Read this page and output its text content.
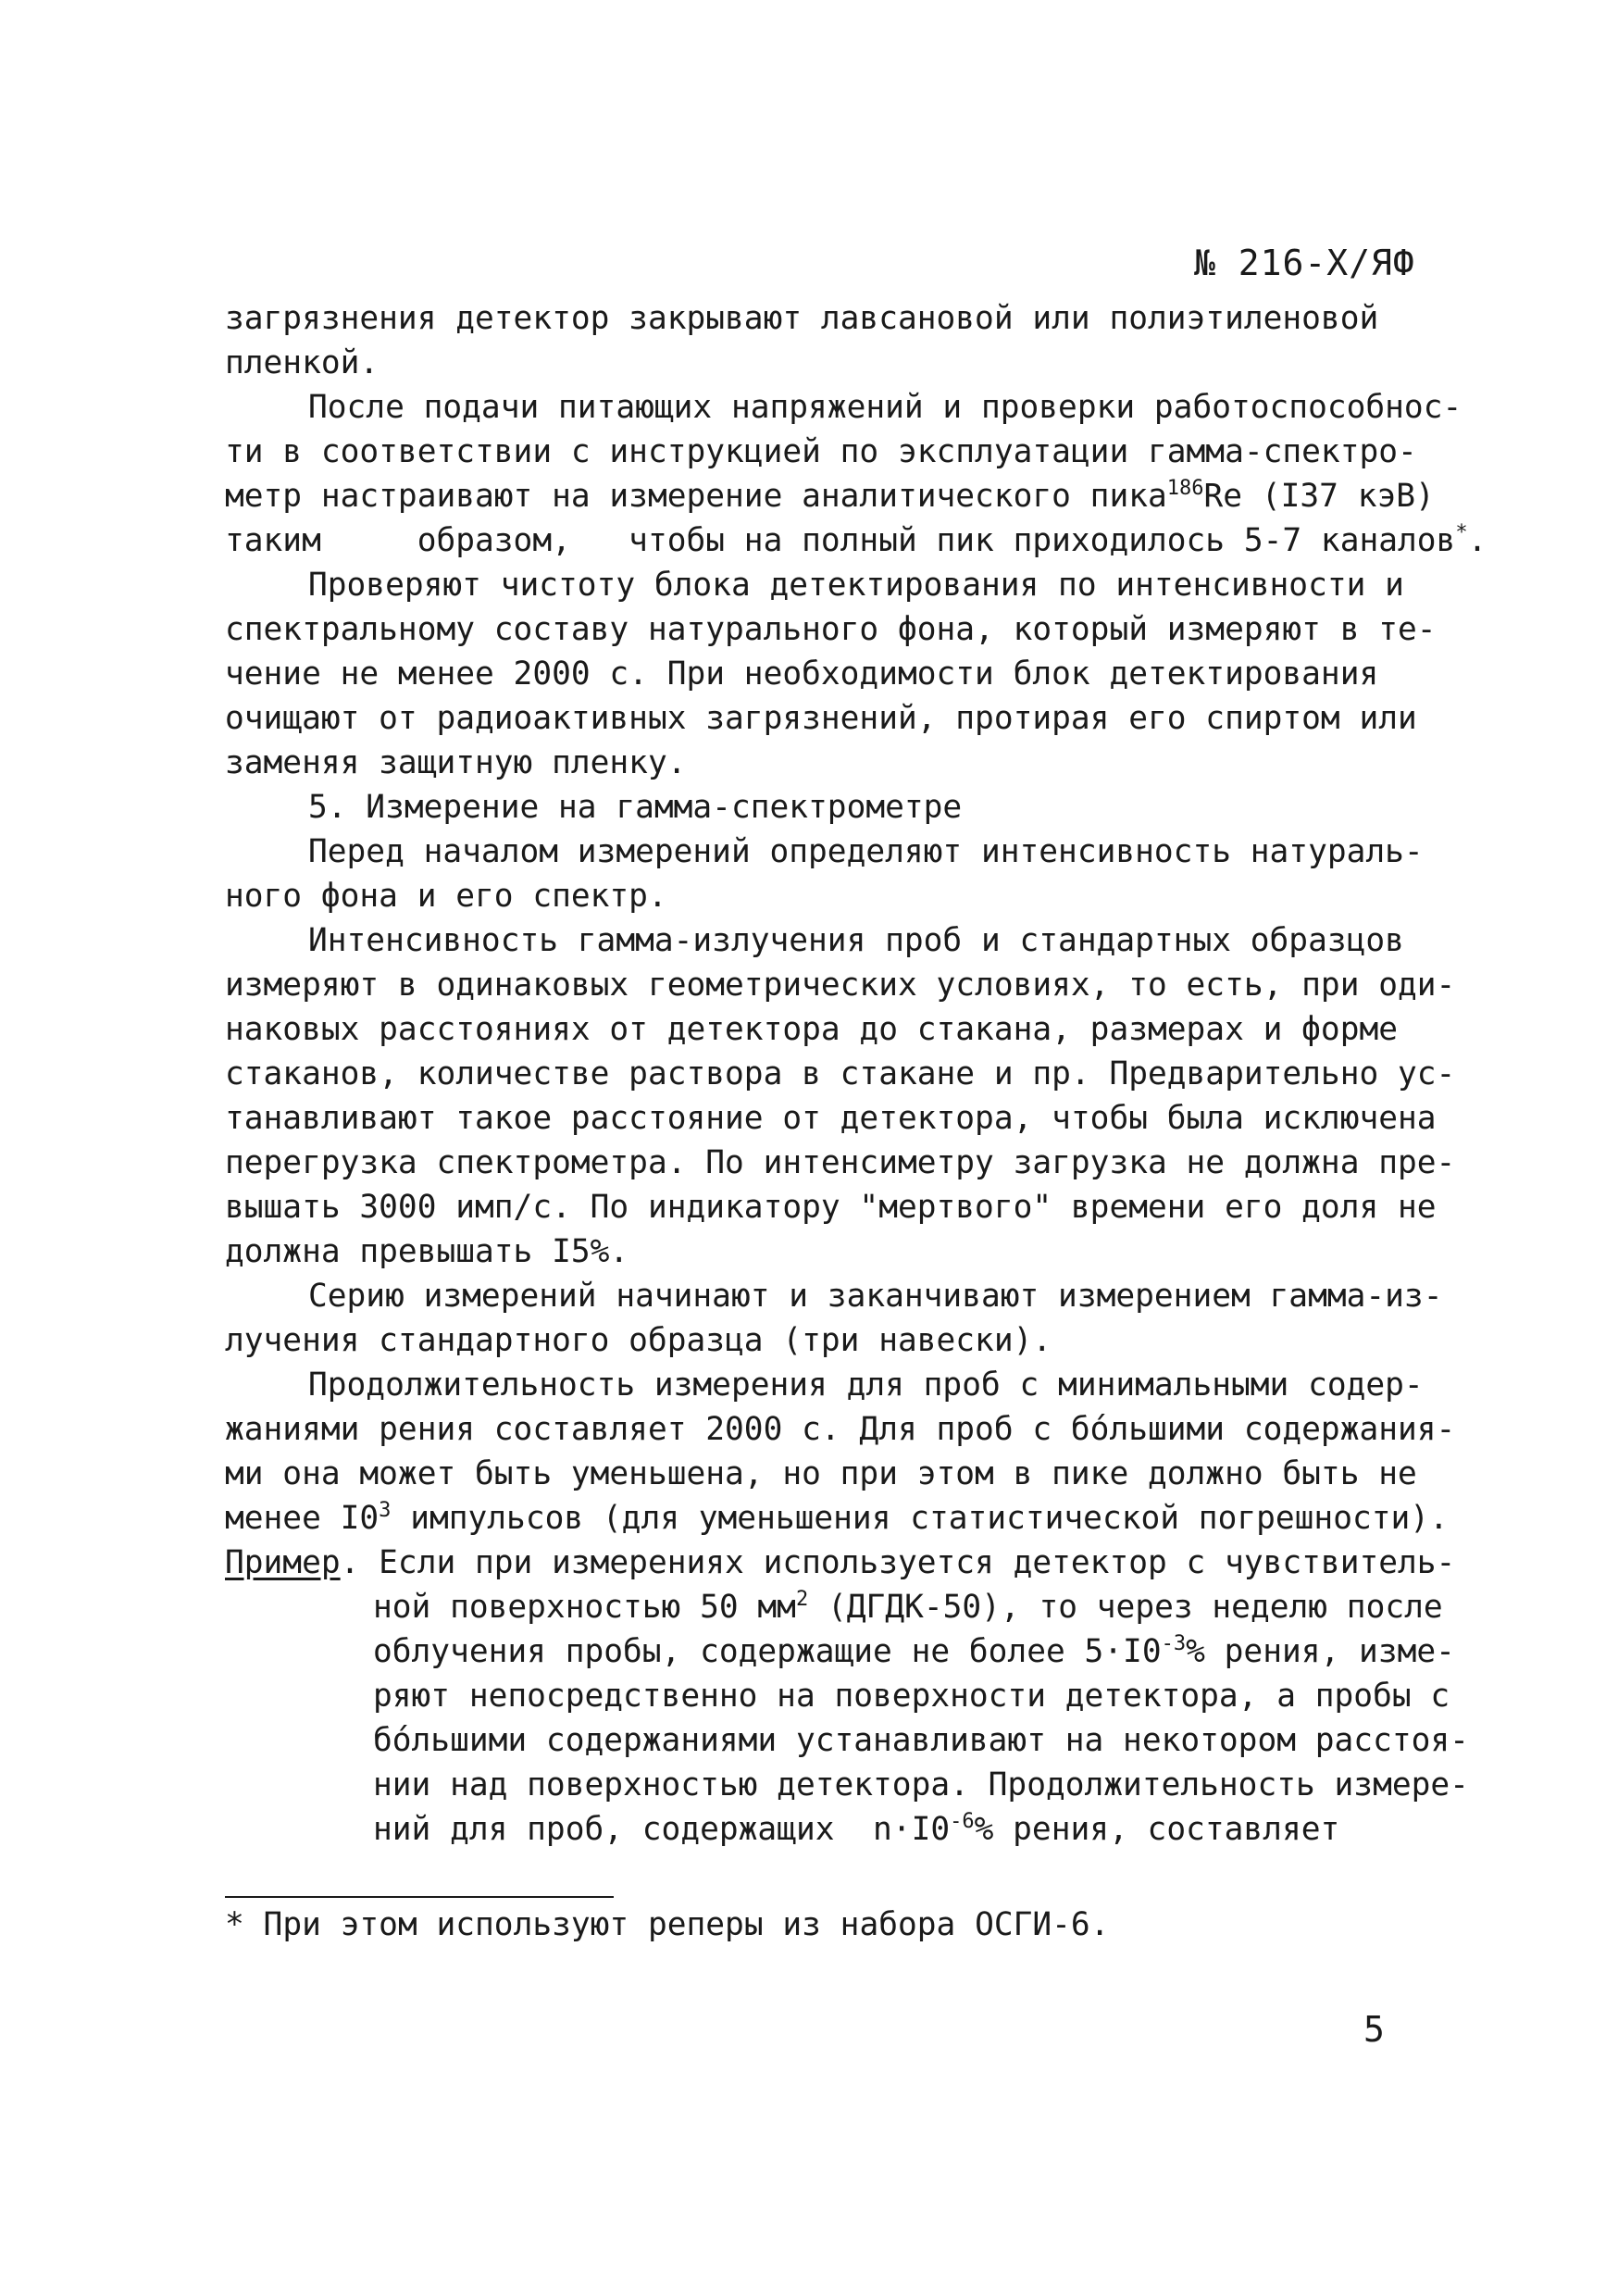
№ 216-Х/ЯФ
загрязнения детектор закрывают лавсановой или полиэтиленовой
пленкой.
После подачи питающих напряжений и проверки работоспособнос-
ти в соответствии с инструкцией по эксплуатации гамма-спектро-
метр настраивают на измерение аналитического пика$^{186}$Re (I37 кэВ)
таким     образом,   чтобы на полный пик приходилось 5-7 каналов*.
Проверяют чистоту блока детектирования по интенсивности и
спектральному составу натурального фона, который измеряют в те-
чение не менее 2000 с. При необходимости блок детектирования
очищают от радиоактивных загрязнений, протирая его спиртом или
заменяя защитную пленку.
5. Измерение на гамма-спектрометре
Перед началом измерений определяют интенсивность натураль-
ного фона и его спектр.
Интенсивность гамма-излучения проб и стандартных образцов
измеряют в одинаковых геометрических условиях, то есть, при оди-
наковых расстояниях от детектора до стакана, размерах и форме
стаканов, количестве раствора в стакане и пр. Предварительно ус-
танавливают такое расстояние от детектора, чтобы была исключена
перегрузка спектрометра. По интенсиметру загрузка не должна пре-
вышать 3000 имп/с. По индикатору "мертвого" времени его доля не
должна превышать I5%.
Серию измерений начинают и заканчивают измерением гамма-из-
лучения стандартного образца (три навески).
Продолжительность измерения для проб с минимальными содер-
жаниями рения составляет 2000 с. Для проб с бо́льшими содержания-
ми она может быть уменьшена, но при этом в пике должно быть не
менее $I0^3$ импульсов (для уменьшения статистической погрешности).
Пример. Если при измерениях используется детектор с чувствитель-
ной поверхностью 50 $мм^2$ (ДГДК-50), то через неделю после
облучения пробы, содержащие не более $5\cdot I0^{-3}\%$ рения, изме-
ряют непосредственно на поверхности детектора, а пробы с
бо́льшими содержаниями устанавливают на некотором расстоя-
нии над поверхностью детектора. Продолжительность измере-
ний для проб, содержащих  $n\cdot I0^{-6}\%$ рения, составляет
* При этом используют реперы из набора ОСГИ-6.
5
